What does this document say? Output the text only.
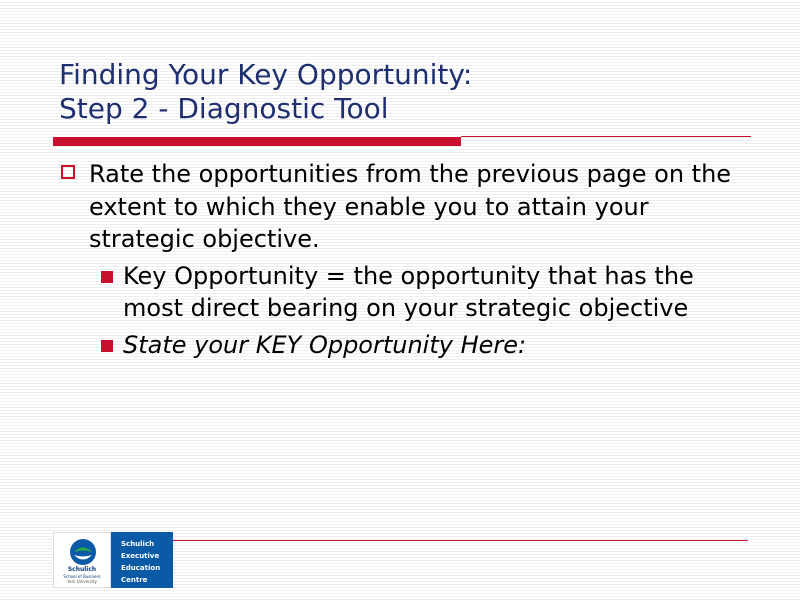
Finding Your Key Opportunity:
Step 2 - Diagnostic Tool
Rate the opportunities from the previous page on the extent to which they enable you to attain your strategic objective.
Key Opportunity = the opportunity that has the most direct bearing on your strategic objective
State your KEY Opportunity Here:
Schulich
School of Business
York University
Schulich
Executive
Education
Centre
